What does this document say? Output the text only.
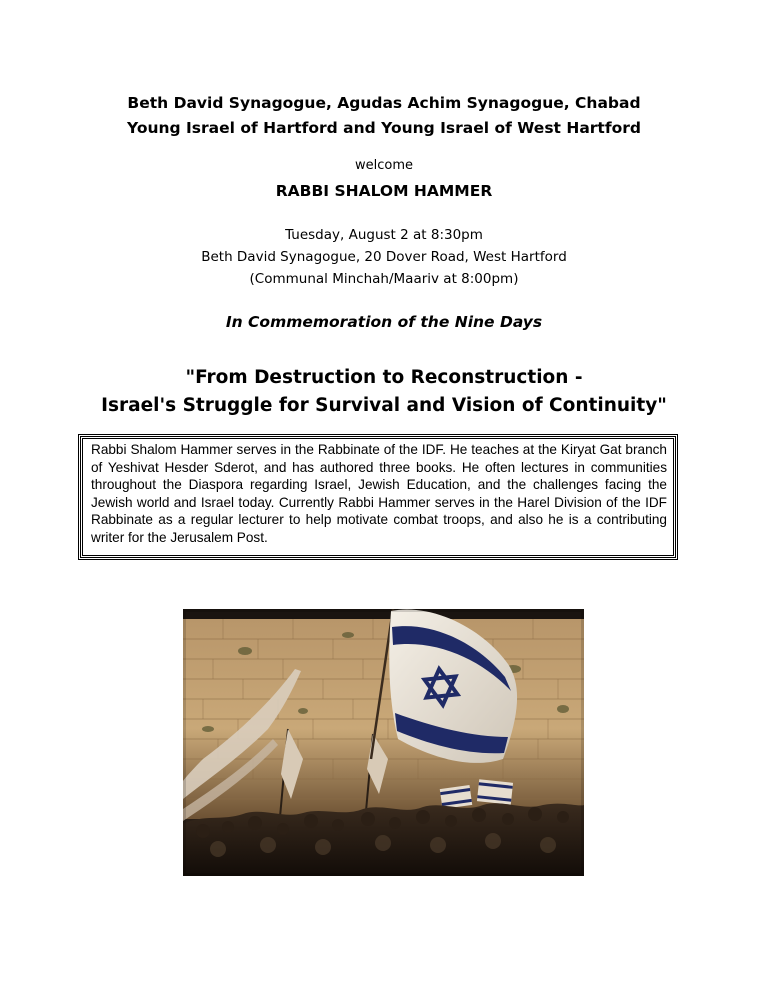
Beth David Synagogue, Agudas Achim Synagogue, Chabad
Young Israel of Hartford and Young Israel of West Hartford
welcome
RABBI SHALOM HAMMER
Tuesday, August 2 at 8:30pm
Beth David Synagogue, 20 Dover Road, West Hartford
(Communal Minchah/Maariv at 8:00pm)
In Commemoration of the Nine Days
"From Destruction to Reconstruction -
Israel's Struggle for Survival and Vision of Continuity"
Rabbi Shalom Hammer serves in the Rabbinate of the IDF. He teaches at the Kiryat Gat branch of Yeshivat Hesder Sderot, and has authored three books. He often lectures in communities throughout the Diaspora regarding Israel, Jewish Education, and the challenges facing the Jewish world and Israel today. Currently Rabbi Hammer serves in the Harel Division of the IDF Rabbinate as a regular lecturer to help motivate combat troops, and also he is a contributing writer for the Jerusalem Post.
